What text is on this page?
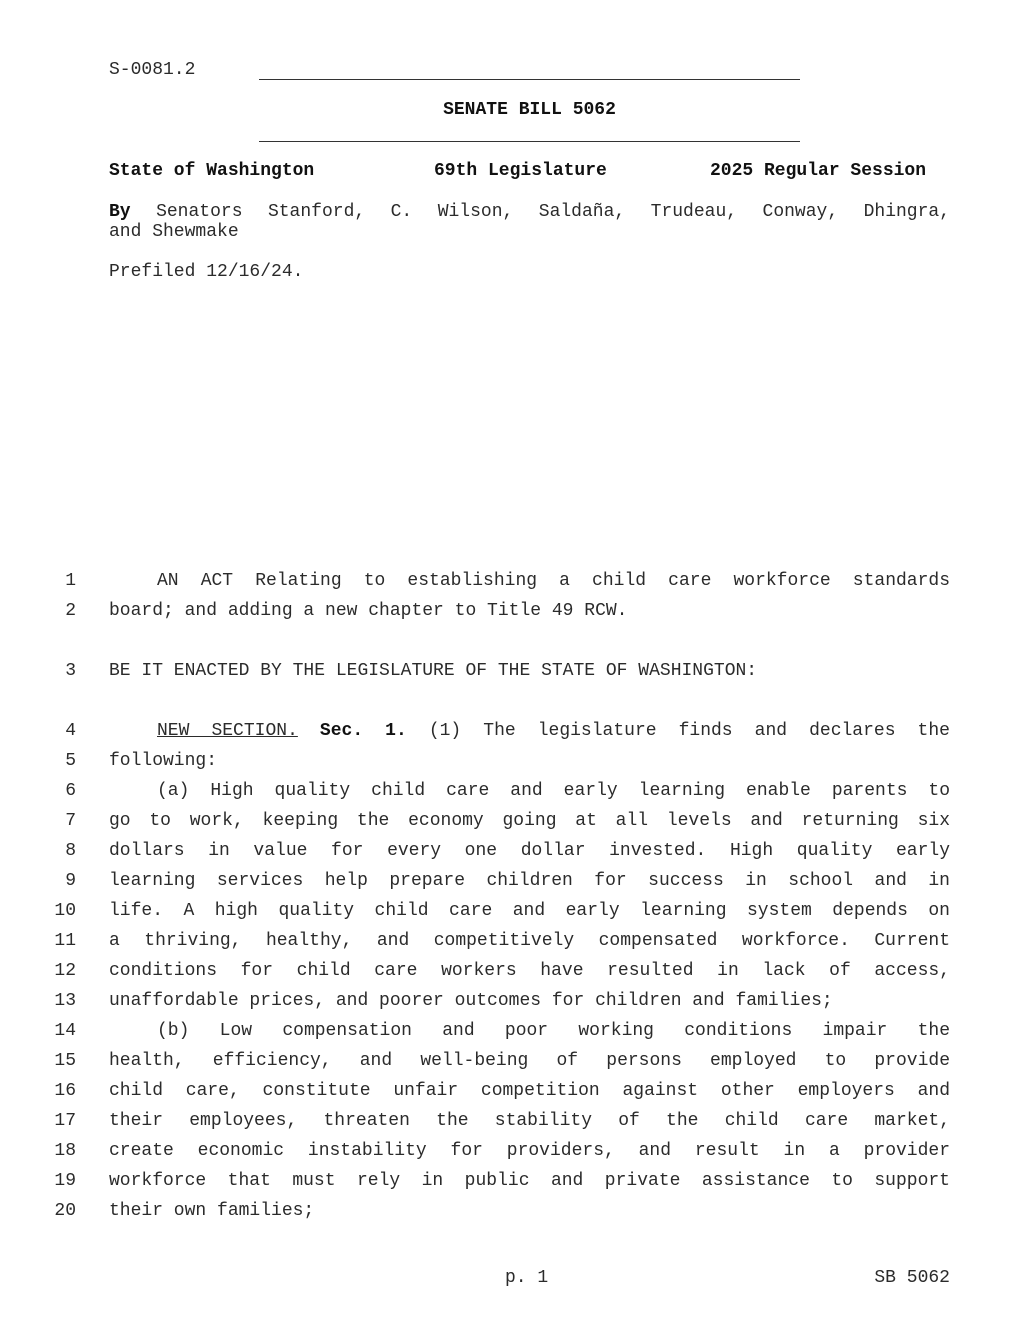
S-0081.2
SENATE BILL 5062
State of Washington	69th Legislature	2025 Regular Session
By Senators Stanford, C. Wilson, Saldaña, Trudeau, Conway, Dhingra,
and Shewmake
Prefiled 12/16/24.
1	AN ACT Relating to establishing a child care workforce standards
2 board; and adding a new chapter to Title 49 RCW.
3 BE IT ENACTED BY THE LEGISLATURE OF THE STATE OF WASHINGTON:
4	NEW SECTION. Sec. 1. (1) The legislature finds and declares the
5 following:
6	(a) High quality child care and early learning enable parents to
7 go to work, keeping the economy going at all levels and returning six
8 dollars in value for every one dollar invested. High quality early
9 learning services help prepare children for success in school and in
10 life. A high quality child care and early learning system depends on
11 a thriving, healthy, and competitively compensated workforce. Current
12 conditions for child care workers have resulted in lack of access,
13 unaffordable prices, and poorer outcomes for children and families;
14	(b) Low compensation and poor working conditions impair the
15 health, efficiency, and well-being of persons employed to provide
16 child care, constitute unfair competition against other employers and
17 their employees, threaten the stability of the child care market,
18 create economic instability for providers, and result in a provider
19 workforce that must rely in public and private assistance to support
20 their own families;
p. 1	SB 5062
